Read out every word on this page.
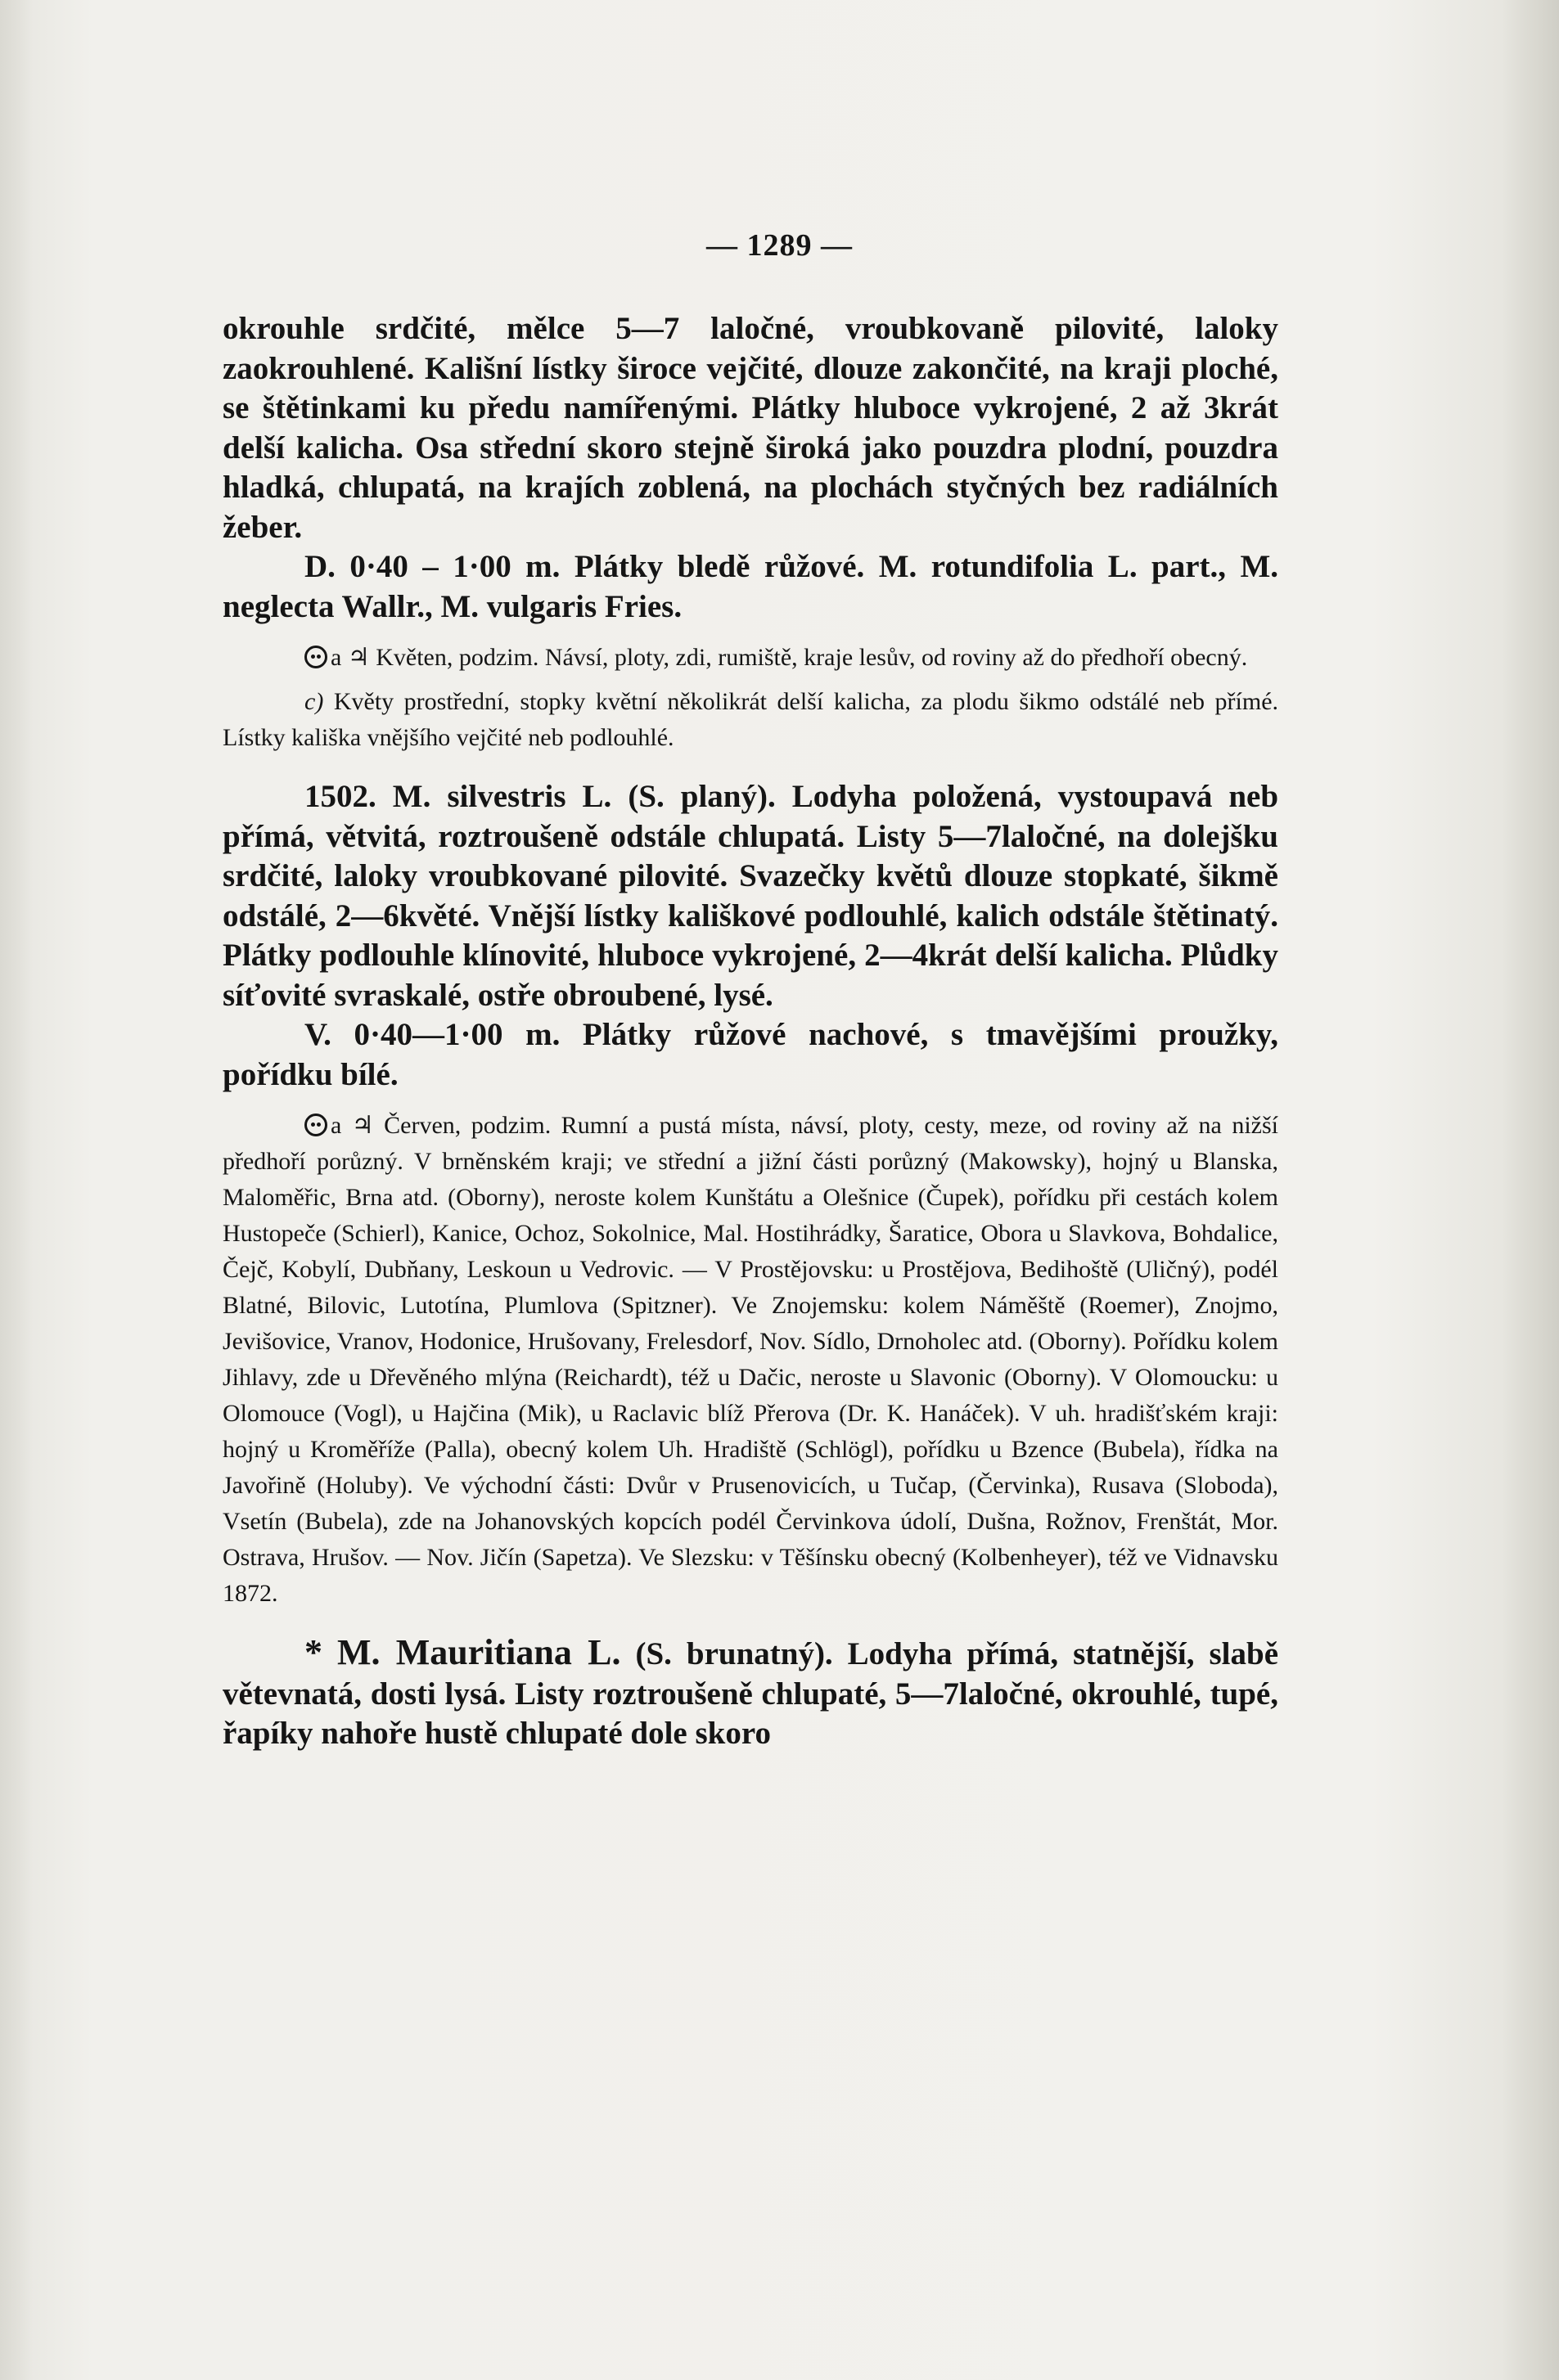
— 1289 —

okrouhle srdčité, mělce 5—7 laločné, vroubkovaně pilovité, laloky zaokrouhlené. Kališní lístky široce vejčité, dlouze zakončité, na kraji ploché, se štětinkami ku předu namířenými. Plátky hluboce vykrojené, 2 až 3krát delší kalicha. Osa střední skoro stejně široká jako pouzdra plodní, pouzdra hladká, chlupatá, na krajích zoblená, na plochách styčných bez radiálních žeber.

D. 0·40 – 1·00 m. Plátky bledě růžové. M. rotundifolia L. part., M. neglecta Wallr., M. vulgaris Fries.

a ♃ Květen, podzim. Návsí, ploty, zdi, rumiště, kraje lesův, od roviny až do předhoří obecný.

c) Květy prostřední, stopky květní několikrát delší kalicha, za plodu šikmo odstálé neb přímé. Lístky kališka vnějšího vejčité neb podlouhlé.

1502. M. silvestris L. (S. planý). Lodyha položená, vystoupavá neb přímá, větvitá, roztroušeně odstále chlupatá. Listy 5—7laločné, na dolejšku srdčité, laloky vroubkované pilovité. Svazečky květů dlouze stopkaté, šikmě odstálé, 2—6květé. Vnější lístky kališkové podlouhlé, kalich odstále štětinatý. Plátky podlouhle klínovité, hluboce vykrojené, 2—4krát delší kalicha. Plůdky síťovité svraskalé, ostře obroubené, lysé.

V. 0·40—1·00 m. Plátky růžové nachové, s tmavějšími proužky, pořídku bílé.

a ♃ Červen, podzim. Rumní a pustá místa, návsí, ploty, cesty, meze, od roviny až na nižší předhoří porůzný. V brněnském kraji; ve střední a jižní části porůzný (Makowsky), hojný u Blanska, Maloměřic, Brna atd. (Oborny), neroste kolem Kunštátu a Olešnice (Čupek), pořídku při cestách kolem Hustopeče (Schierl), Kanice, Ochoz, Sokolnice, Mal. Hostihrádky, Šaratice, Obora u Slavkova, Bohdalice, Čejč, Kobylí, Dubňany, Leskoun u Vedrovic. — V Prostějovsku: u Prostějova, Bedihoště (Uličný), podél Blatné, Bilovic, Lutotína, Plumlova (Spitzner). Ve Znojemsku: kolem Náměště (Roemer), Znojmo, Jevišovice, Vranov, Hodonice, Hrušovany, Frelesdorf, Nov. Sídlo, Drnoholec atd. (Oborny). Pořídku kolem Jihlavy, zde u Dřevěného mlýna (Reichardt), též u Dačic, neroste u Slavonic (Oborny). V Olomoucku: u Olomouce (Vogl), u Hajčina (Mik), u Raclavic blíž Přerova (Dr. K. Hanáček). V uh. hradišťském kraji: hojný u Kroměříže (Palla), obecný kolem Uh. Hradiště (Schlögl), pořídku u Bzence (Bubela), řídka na Javořině (Holuby). Ve východní části: Dvůr v Prusenovicích, u Tučap, (Červinka), Rusava (Sloboda), Vsetín (Bubela), zde na Johanovských kopcích podél Červinkova údolí, Dušna, Rožnov, Frenštát, Mor. Ostrava, Hrušov. — Nov. Jičín (Sapetza). Ve Slezsku: v Těšínsku obecný (Kolbenheyer), též ve Vidnavsku 1872.

* M. Mauritiana L. (S. brunatný). Lodyha přímá, statnější, slabě větevnatá, dosti lysá. Listy roztroušeně chlupaté, 5—7laločné, okrouhlé, tupé, řapíky nahoře hustě chlupaté dole skoro
